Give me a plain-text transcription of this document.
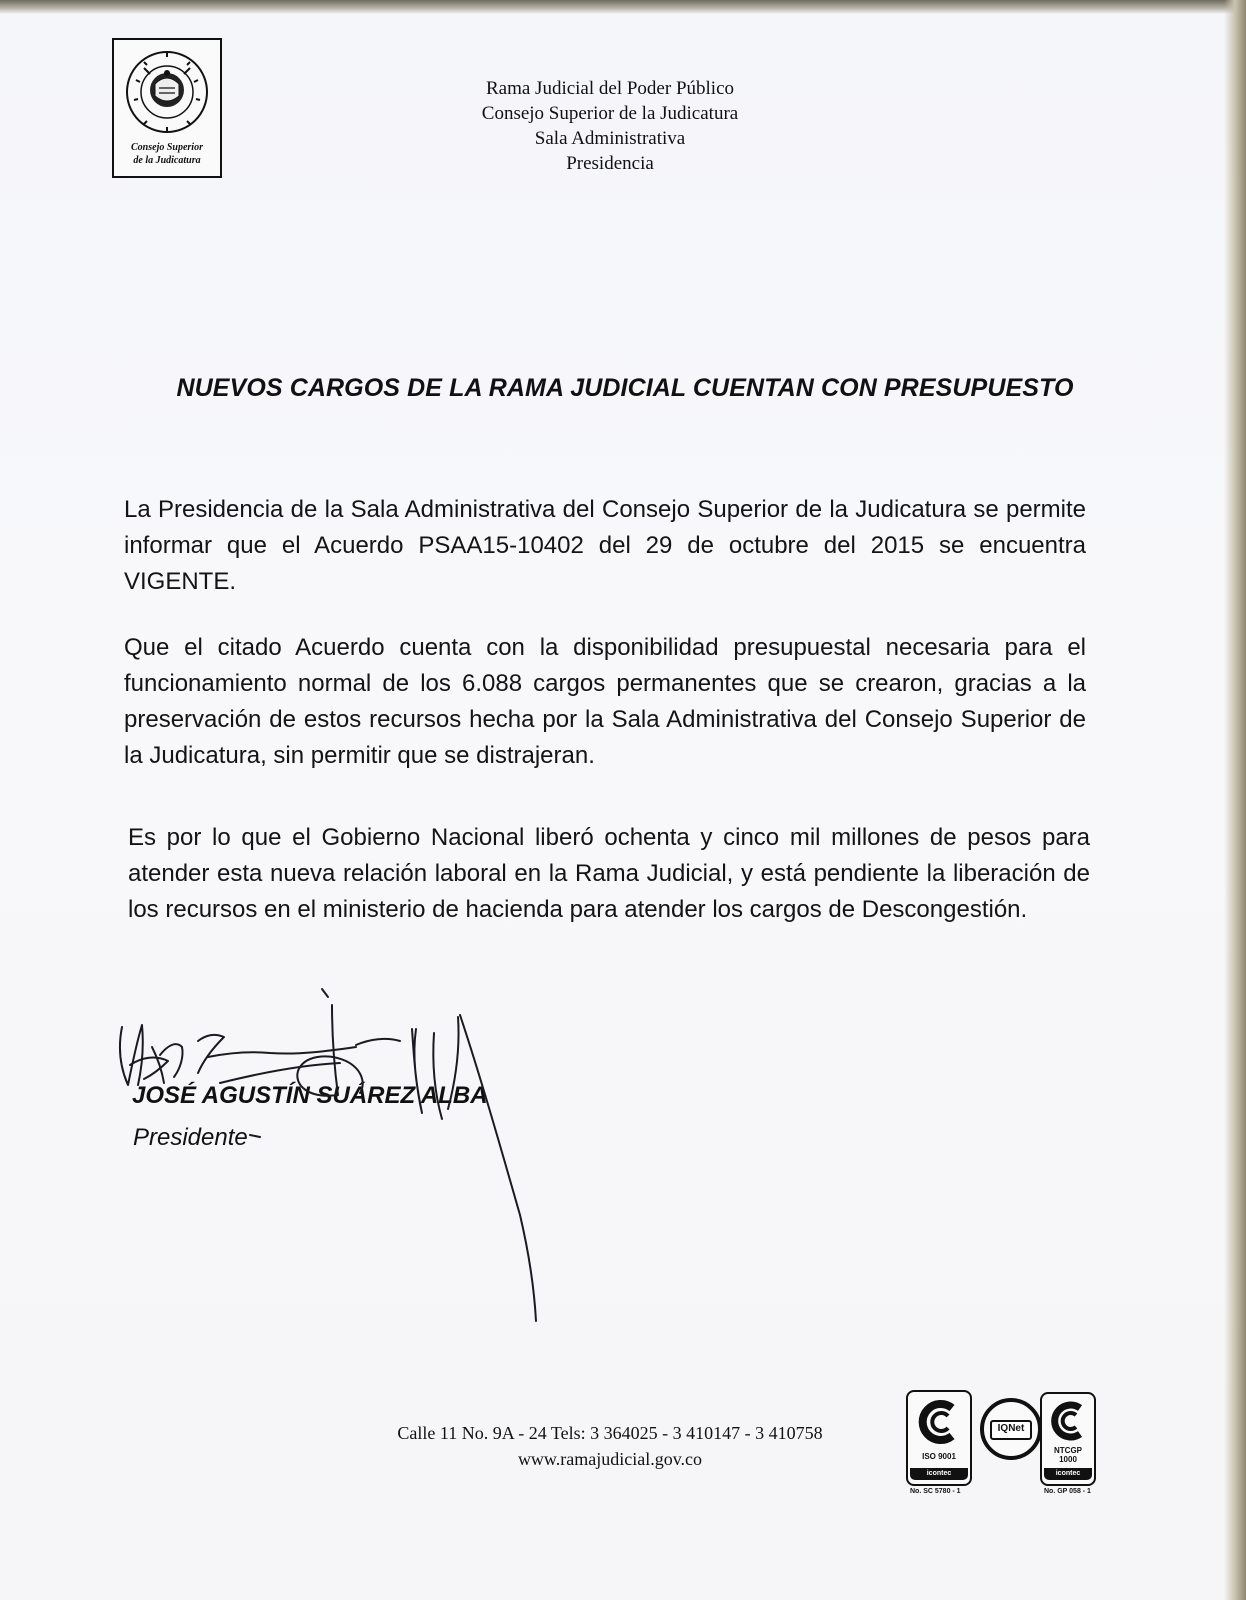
Consejo Superior
de la Judicatura
Rama Judicial del Poder Público
Consejo Superior de la Judicatura
Sala Administrativa
Presidencia
NUEVOS CARGOS DE LA RAMA JUDICIAL CUENTAN CON PRESUPUESTO
La Presidencia de la Sala Administrativa del Consejo Superior de la Judicatura se permite informar que el Acuerdo PSAA15-10402 del 29 de octubre del 2015 se encuentra VIGENTE.
Que el citado Acuerdo cuenta con la disponibilidad presupuestal necesaria para el funcionamiento normal de los 6.088 cargos permanentes que se crearon, gracias a la preservación de estos recursos hecha por la Sala Administrativa del Consejo Superior de la Judicatura, sin permitir que se distrajeran.
Es por lo que el Gobierno Nacional liberó ochenta y cinco mil millones de pesos para atender esta nueva relación laboral en la Rama Judicial, y está pendiente la liberación de los recursos en el ministerio de hacienda para atender los cargos de Descongestión.
JOSÉ AGUSTÍN SUÁREZ ALBA
Presidente
Calle 11 No. 9A - 24 Tels: 3 364025 - 3 410147 - 3 410758
www.ramajudicial.gov.co	ISO 9001
icontec
No. SC 5780 - 1
IQNet
NTCGP
1000
icontec
No. GP 058 - 1
